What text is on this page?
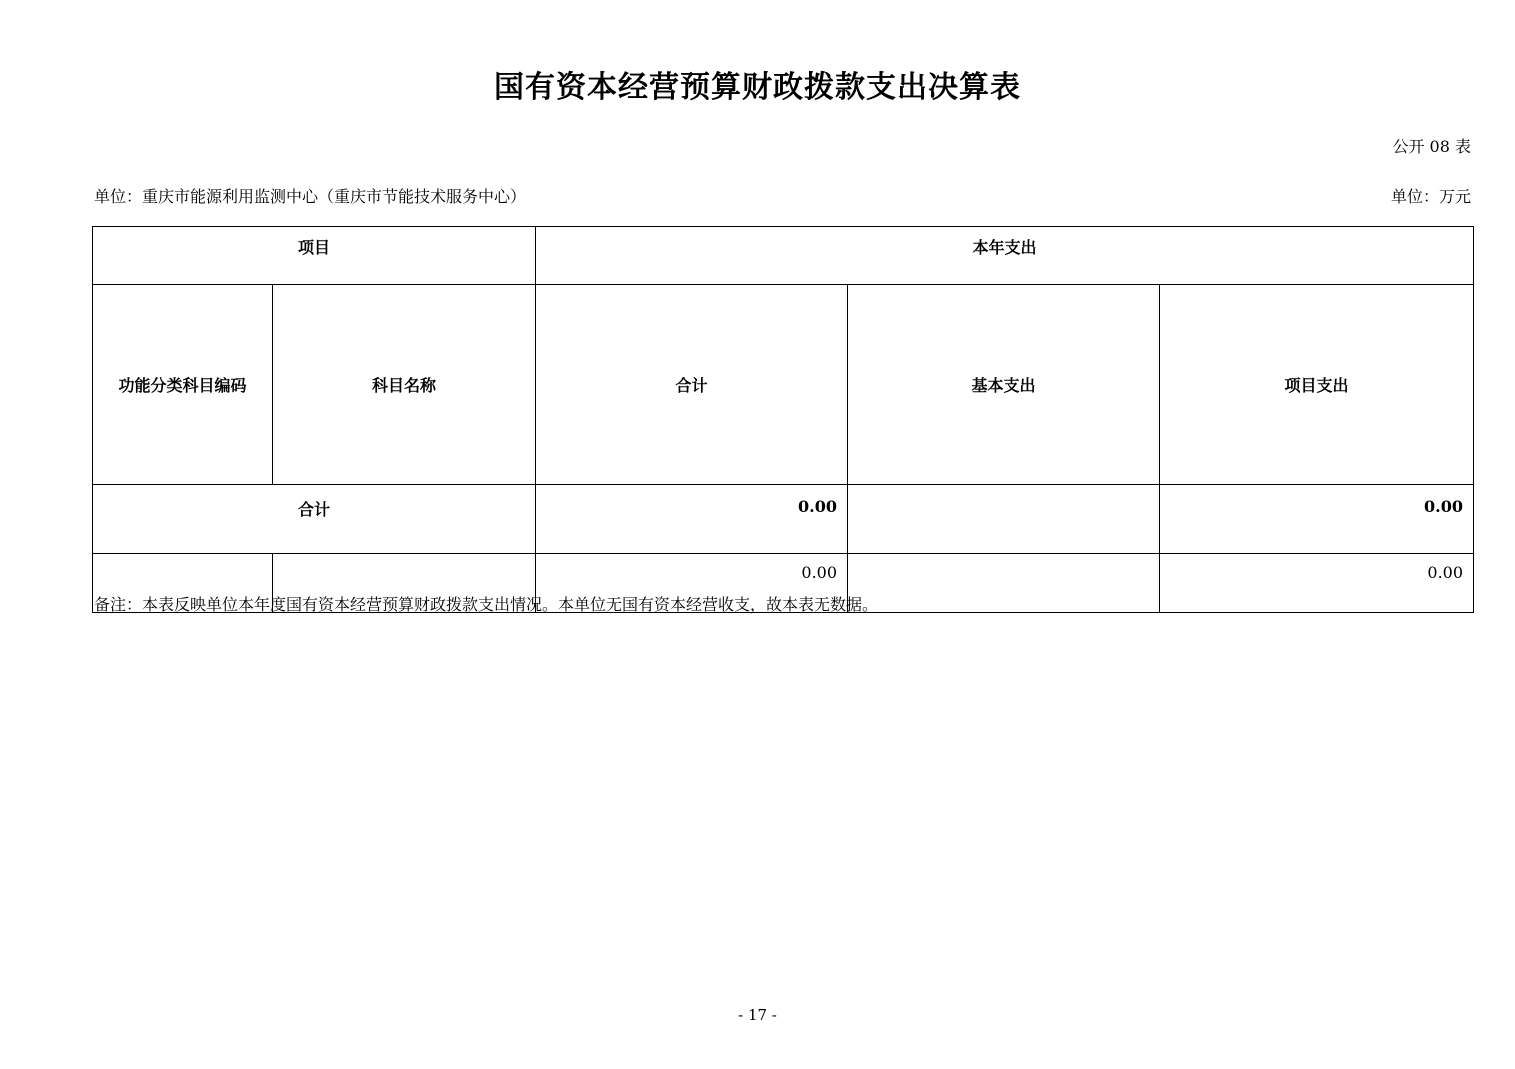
国有资本经营预算财政拨款支出决算表
公开 08 表
单位：重庆市能源利用监测中心（重庆市节能技术服务中心）	单位：万元
项目		本年支出		
功能分类科目编码	科目名称	合计	基本支出	项目支出
合计		0.00		0.00
		0.00		0.00
备注：本表反映单位本年度国有资本经营预算财政拨款支出情况。本单位无国有资本经营收支，故本表无数据。
- 17 -
